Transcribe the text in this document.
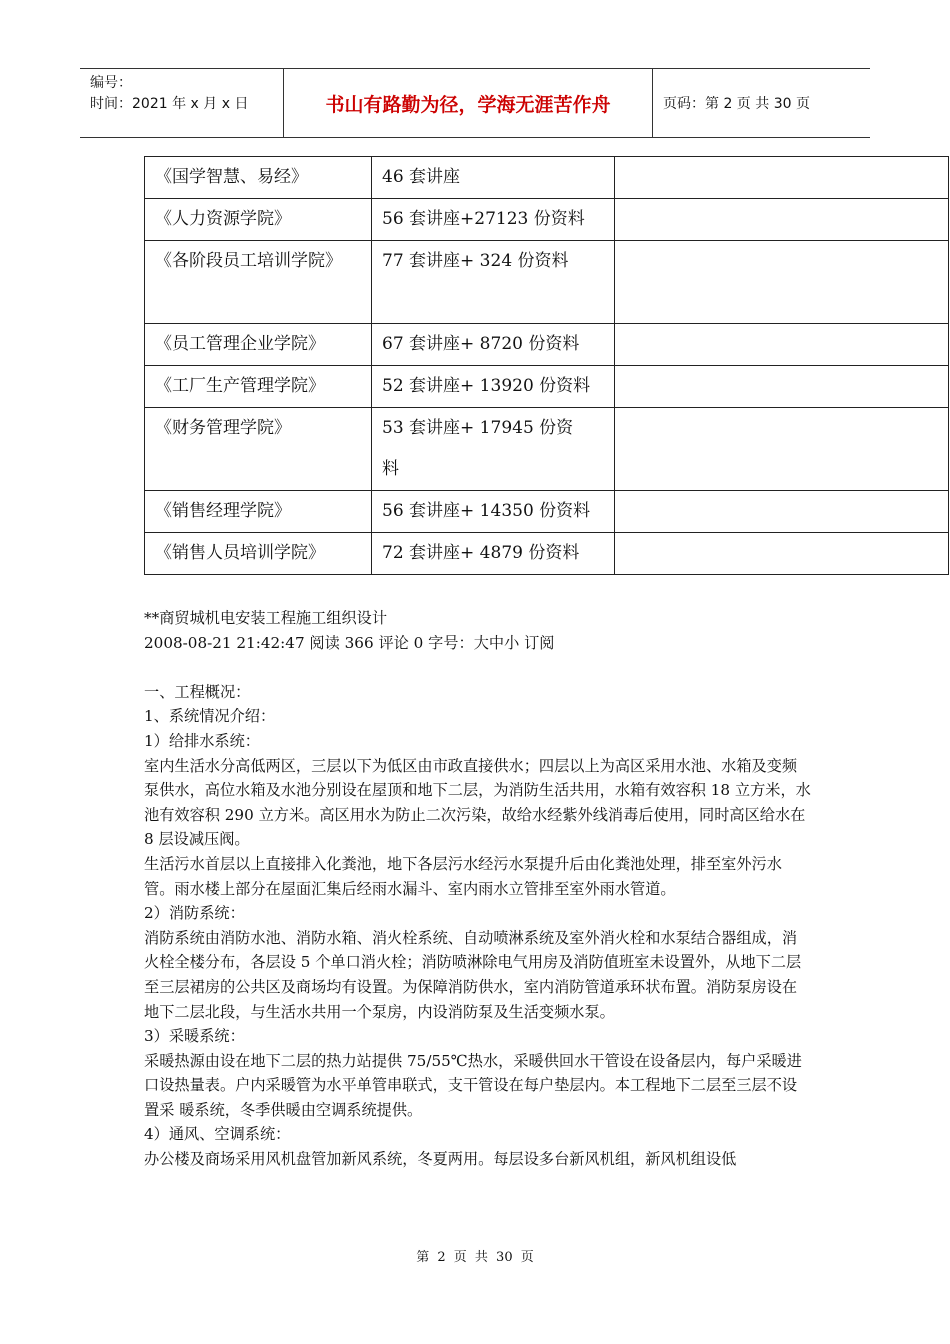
编号：
时间：2021 年 x 月 x 日	书山有路勤为径，学海无涯苦作舟	页码：第 2 页 共 30 页
《国学智慧、易经》	46 套讲座	
《人力资源学院》	56 套讲座+27123 份资料	
《各阶段员工培训学院》	77 套讲座+ 324 份资料	
《员工管理企业学院》	67 套讲座+ 8720 份资料	
《工厂生产管理学院》	52 套讲座+ 13920 份资料	
《财务管理学院》	53 套讲座+ 17945 份资料	
《销售经理学院》	56 套讲座+ 14350 份资料	
《销售人员培训学院》	72 套讲座+ 4879 份资料	

**商贸城机电安装工程施工组织设计

2008-08-21 21:42:47 阅读 366 评论 0 字号：大中小 订阅

一、工程概况：

1、系统情况介绍：

1）给排水系统：

室内生活水分高低两区，三层以下为低区由市政直接供水；四层以上为高区采用水池、水箱及变频泵供水，高位水箱及水池分别设在屋顶和地下二层，为消防生活共用，水箱有效容积 18 立方米，水池有效容积 290 立方米。高区用水为防止二次污染，故给水经紫外线消毒后使用，同时高区给水在 8 层设减压阀。

生活污水首层以上直接排入化粪池，地下各层污水经污水泵提升后由化粪池处理，排至室外污水管。雨水楼上部分在屋面汇集后经雨水漏斗、室内雨水立管排至室外雨水管道。

2）消防系统：

消防系统由消防水池、消防水箱、消火栓系统、自动喷淋系统及室外消火栓和水泵结合器组成，消火栓全楼分布，各层设 5 个单口消火栓；消防喷淋除电气用房及消防值班室未设置外，从地下二层至三层裙房的公共区及商场均有设置。为保障消防供水，室内消防管道承环状布置。消防泵房设在地下二层北段，与生活水共用一个泵房，内设消防泵及生活变频水泵。

3）采暖系统：

采暖热源由设在地下二层的热力站提供 75/55℃热水，采暖供回水干管设在设备层内，每户采暖进口设热量表。户内采暖管为水平单管串联式，支干管设在每户垫层内。本工程地下二层至三层不设置采 暖系统，冬季供暖由空调系统提供。

4）通风、空调系统：

办公楼及商场采用风机盘管加新风系统，冬夏两用。每层设多台新风机组，新风机组设低

第 2 页 共 30 页
